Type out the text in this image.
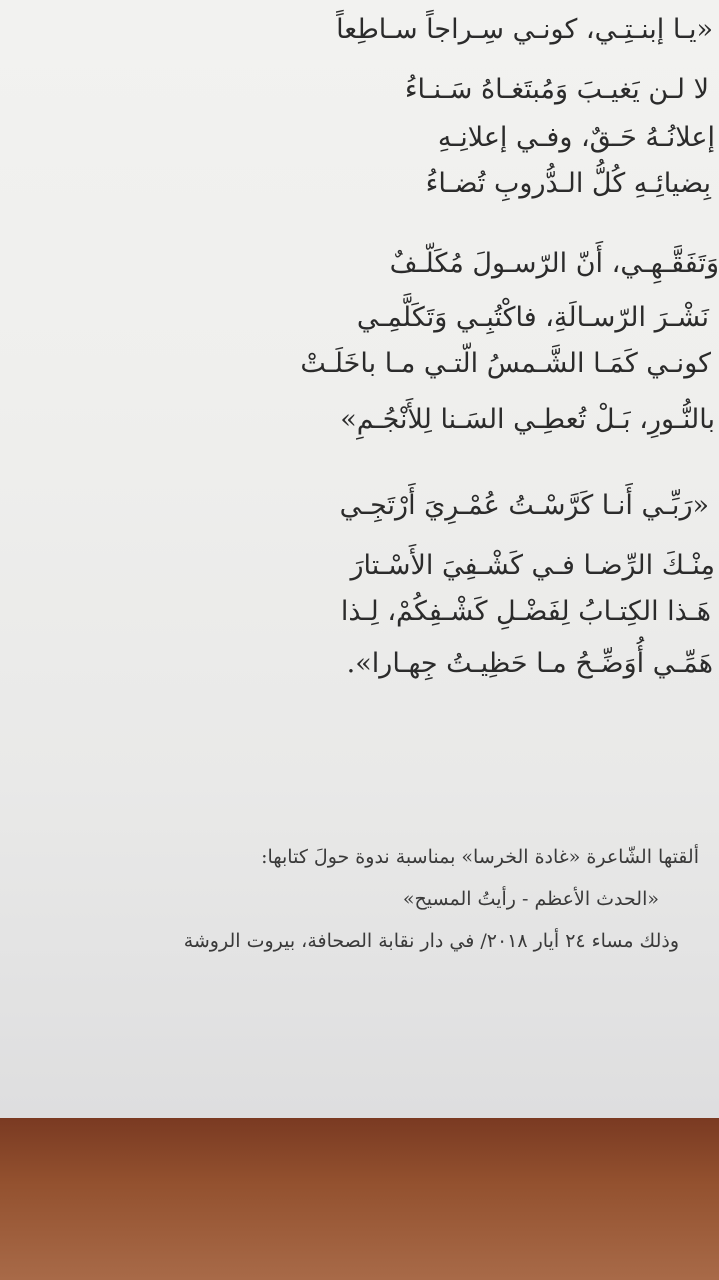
«يـا إبنـتِـي، كونـي سِـراجاً سـاطِعاً
لا لـن يَغيـبَ وَمُبتَغـاهُ سَـنـاءُ
إعلانُـهُ حَـقٌ، وفـي إعلانِـهِ
بِضيائِـهِ كُلُّ الـدُّروبِ تُضـاءُ
وَتَفَقَّـهِـي، أَنّ الرّسـولَ مُكَلّـفٌ
نَشْـرَ الرّسـالَةِ، فاكْتُبِـي وَتَكَلَّمِـي
كونـي كَمَـا الشَّـمسُ الّتـي مـا باخَلَـتْ
بالنُّـورِ، بَـلْ تُعطِـي السَـنا لِلأَنْجُـمِ»
«رَبِّـي أَنـا كَرَّسْـتُ عُمْـرِيَ أَرْتَجِـي
مِنْـكَ الرِّضـا فـي كَشْـفِيَ الأَسْـتارَ
هَـذا الكِتـابُ لِفَضْـلِ كَشْـفِكُمْ، لِـذا
هَمِّـي أُوَضِّـحُ مـا حَظِيـتُ جِهـارا».
ألقتها الشّاعرة «غادة الخرسا» بمناسبة ندوة حولَ كتابها:
«الحدث الأعظم - رأيتُ المسيح»
وذلك مساء ٢٤ أيار ٢٠١٨/ في دار نقابة الصحافة، بيروت الروشة
